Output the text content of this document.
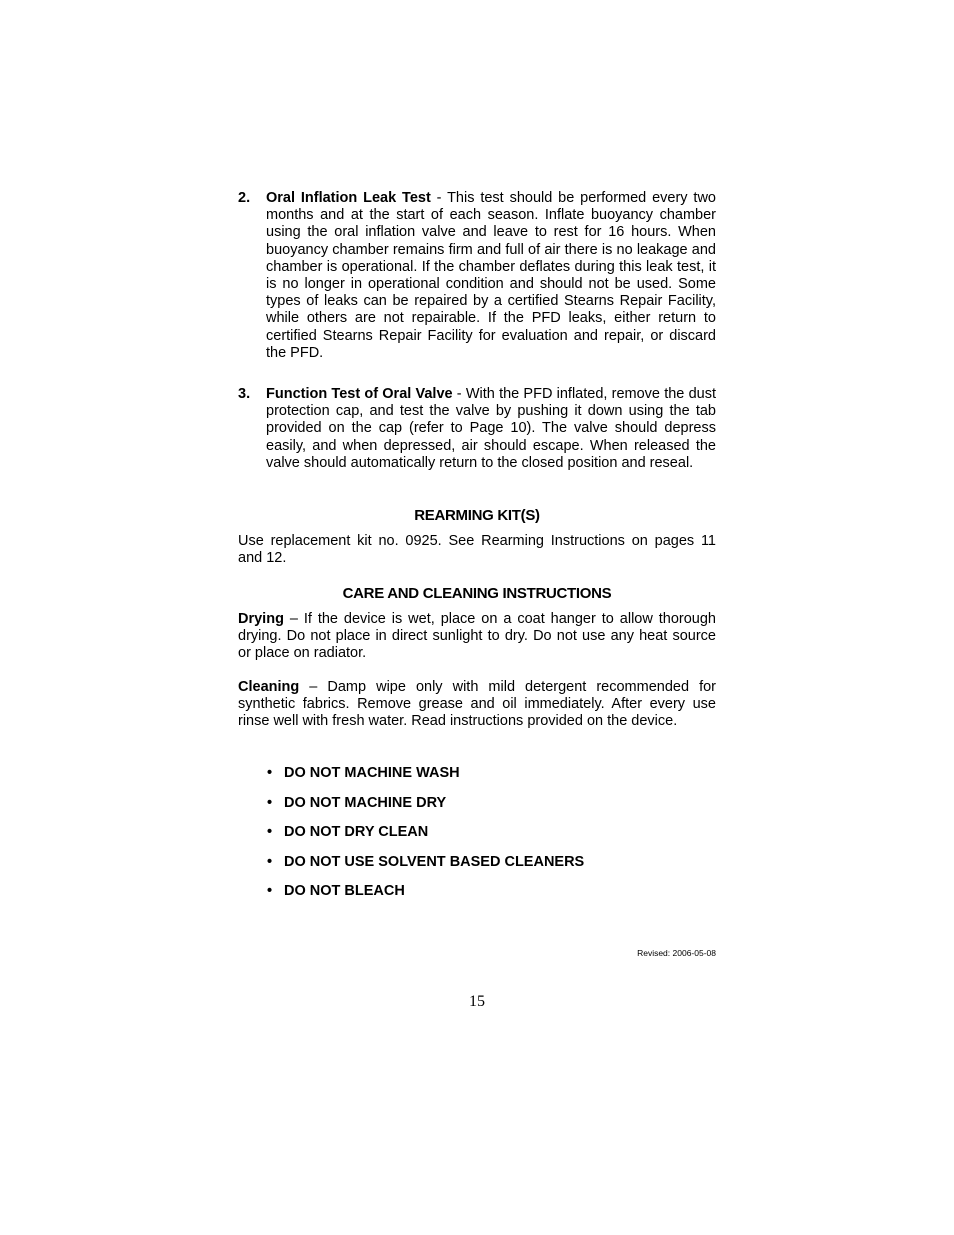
2.	Oral Inflation Leak Test - This test should be performed every two months and at the start of each season. Inflate buoyancy chamber using the oral inflation valve and leave to rest for 16 hours. When buoyancy chamber remains firm and full of air there is no leakage and chamber is operational. If the chamber deflates during this leak test, it is no longer in operational condition and should not be used. Some types of leaks can be repaired by a certified Stearns Repair Facility, while others are not repairable. If the PFD leaks, either return to certified Stearns Repair Facility for evaluation and repair, or discard the PFD.
3.	Function Test of Oral Valve - With the PFD inflated, remove the dust protection cap, and test the valve by pushing it down using the tab provided on the cap (refer to Page 10). The valve should depress easily, and when depressed, air should escape. When released the valve should automatically return to the closed position and reseal.
REARMING KIT(S)

Use replacement kit no. 0925. See Rearming Instructions on pages 11 and 12.

CARE AND CLEANING INSTRUCTIONS

Drying – If the device is wet, place on a coat hanger to allow thorough drying. Do not place in direct sunlight to dry. Do not use any heat source or place on radiator.

Cleaning – Damp wipe only with mild detergent recommended for synthetic fabrics. Remove grease and oil immediately. After every use rinse well with fresh water. Read instructions provided on the device.

• DO NOT MACHINE WASH
• DO NOT MACHINE DRY
• DO NOT DRY CLEAN
• DO NOT USE SOLVENT BASED CLEANERS
• DO NOT BLEACH
Revised: 2006-05-08
15
